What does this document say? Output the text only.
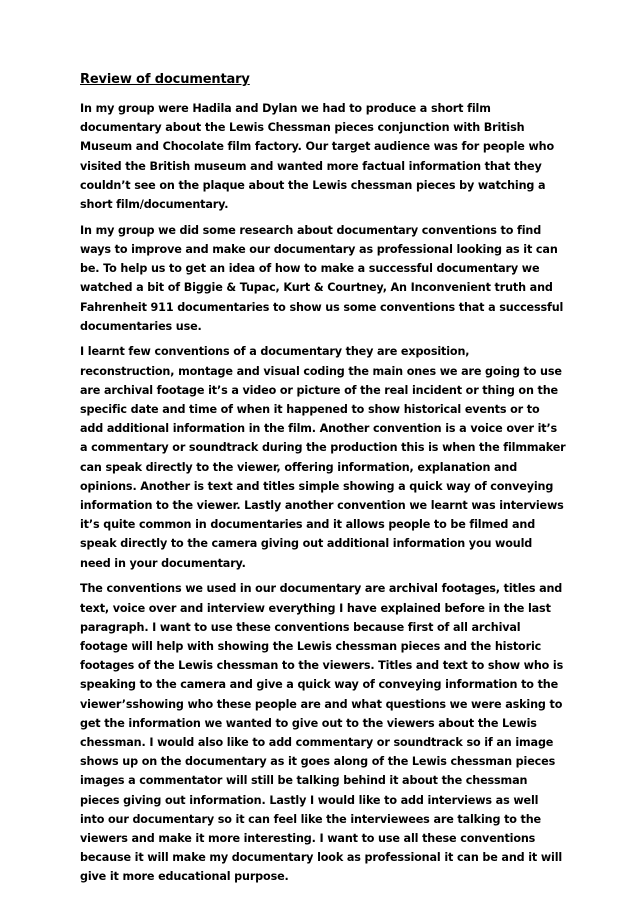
Review of documentary

In my group were Hadila and Dylan we had to produce a short film documentary about the Lewis Chessman pieces conjunction with British Museum and Chocolate film factory. Our target audience was for people who visited the British museum and wanted more factual information that they couldn’t see on the plaque about the Lewis chessman pieces by watching a short film/documentary.

In my group we did some research about documentary conventions to find ways to improve and make our documentary as professional looking as it can be. To help us to get an idea of how to make a successful documentary we watched a bit of Biggie & Tupac, Kurt & Courtney, An Inconvenient truth and Fahrenheit 911 documentaries to show us some conventions that a successful documentaries use.

I learnt few conventions of a documentary they are exposition, reconstruction, montage and visual coding the main ones we are going to use are archival footage it’s a video or picture of the real incident or thing on the specific date and time of when it happened to show historical events or to add additional information in the film. Another convention is a voice over it’s a commentary or soundtrack during the production this is when the filmmaker can speak directly to the viewer, offering information, explanation and opinions. Another is text and titles simple showing a quick way of conveying information to the viewer. Lastly another convention we learnt was interviews it’s quite common in documentaries and it allows people to be filmed and speak directly to the camera giving out additional information you would need in your documentary.

The conventions we used in our documentary are archival footages, titles and text, voice over and interview everything I have explained before in the last paragraph. I want to use these conventions because first of all archival footage will help with showing the Lewis chessman pieces and the historic footages of the Lewis chessman to the viewers. Titles and text to show who is speaking to the camera and give a quick way of conveying information to the viewer’sshowing who these people are and what questions we were asking to get the information we wanted to give out to the viewers about the Lewis chessman. I would also like to add commentary or soundtrack so if an image shows up on the documentary as it goes along of the Lewis chessman pieces images a commentator will still be talking behind it about the chessman pieces giving out information. Lastly I would like to add interviews as well into our documentary so it can feel like the interviewees are talking to the viewers and make it more interesting. I want to use all these conventions because it will make my documentary look as professional it can be and it will give it more educational purpose.
